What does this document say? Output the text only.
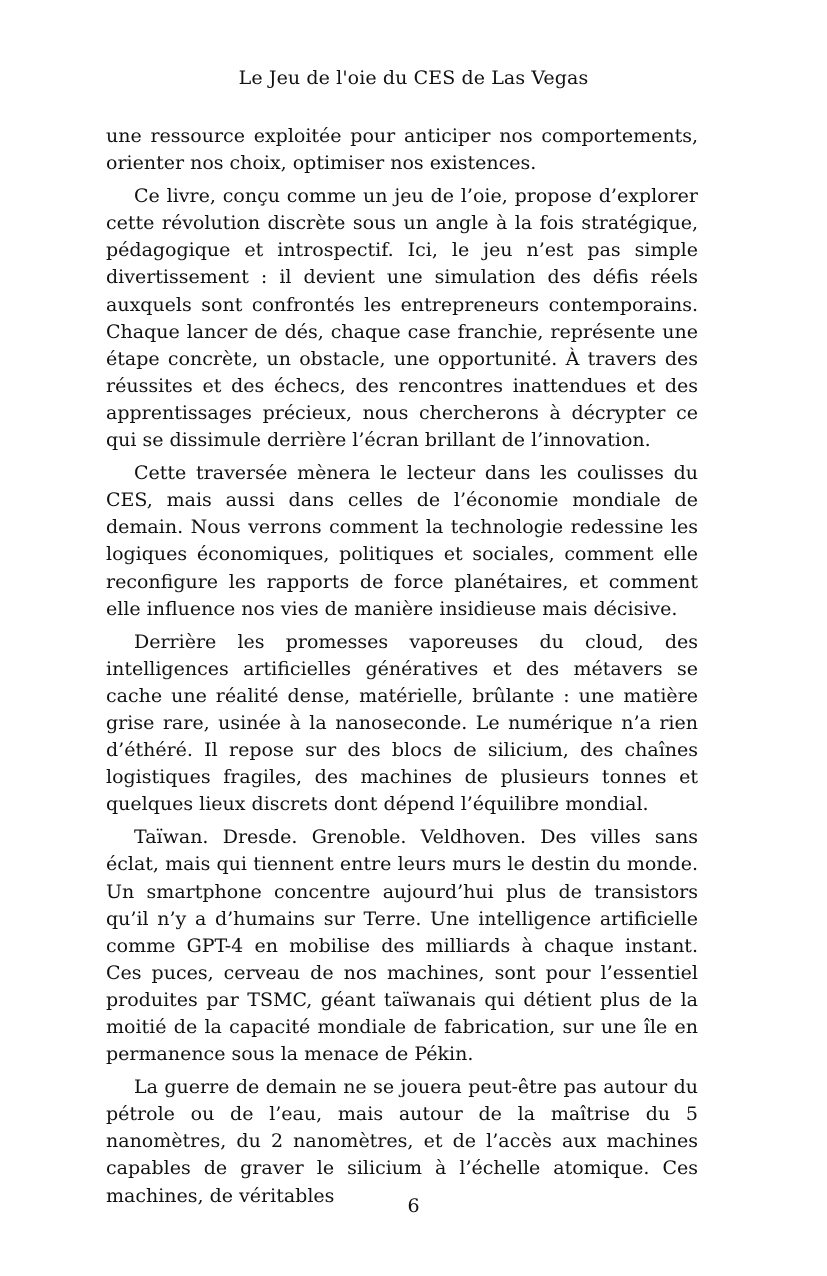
Le Jeu de l'oie du CES de Las Vegas

une ressource exploitée pour anticiper nos comportements, orienter nos choix, optimiser nos existences.

Ce livre, conçu comme un jeu de l’oie, propose d’explorer cette révolution discrète sous un angle à la fois stratégique, pédagogique et introspectif. Ici, le jeu n’est pas simple divertissement : il devient une simulation des défis réels auxquels sont confrontés les entrepreneurs contemporains. Chaque lancer de dés, chaque case franchie, représente une étape concrète, un obstacle, une opportunité. À travers des réussites et des échecs, des rencontres inattendues et des apprentissages précieux, nous chercherons à décrypter ce qui se dissimule derrière l’écran brillant de l’innovation.

Cette traversée mènera le lecteur dans les coulisses du CES, mais aussi dans celles de l’économie mondiale de demain. Nous verrons comment la technologie redessine les logiques économiques, politiques et sociales, comment elle reconfigure les rapports de force planétaires, et comment elle influence nos vies de manière insidieuse mais décisive.

Derrière les promesses vaporeuses du cloud, des intelligences artificielles génératives et des métavers se cache une réalité dense, matérielle, brûlante : une matière grise rare, usinée à la nanoseconde. Le numérique n’a rien d’éthéré. Il repose sur des blocs de silicium, des chaînes logistiques fragiles, des machines de plusieurs tonnes et quelques lieux discrets dont dépend l’équilibre mondial.

Taïwan. Dresde. Grenoble. Veldhoven. Des villes sans éclat, mais qui tiennent entre leurs murs le destin du monde. Un smartphone concentre aujourd’hui plus de transistors qu’il n’y a d’humains sur Terre. Une intelligence artificielle comme GPT-4 en mobilise des milliards à chaque instant. Ces puces, cerveau de nos machines, sont pour l’essentiel produites par TSMC, géant taïwanais qui détient plus de la moitié de la capacité mondiale de fabrication, sur une île en permanence sous la menace de Pékin.

La guerre de demain ne se jouera peut-être pas autour du pétrole ou de l’eau, mais autour de la maîtrise du 5 nanomètres, du 2 nanomètres, et de l’accès aux machines capables de graver le silicium à l’échelle atomique. Ces machines, de véritables	6
